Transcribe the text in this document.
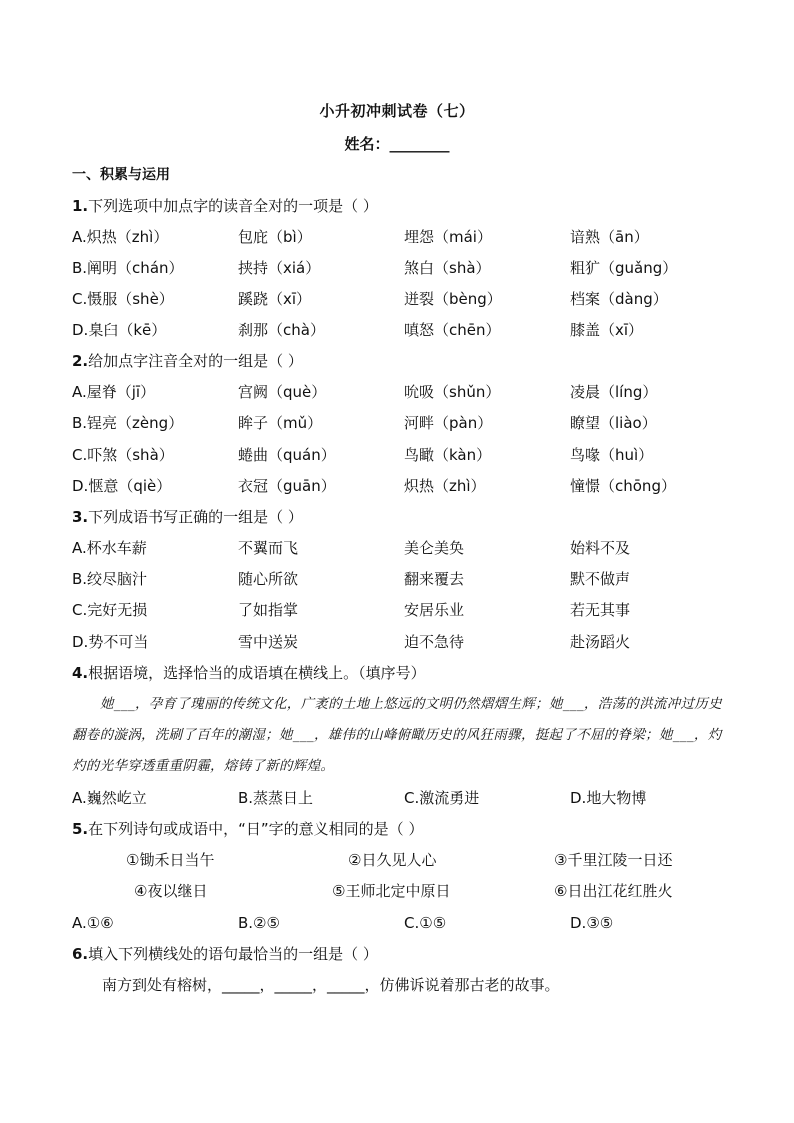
小升初冲刺试卷（七）
姓名：________
一、积累与运用
1.下列选项中加点字的读音全对的一项是（ ）
A.炽热（zhì）	包庇（bì）	埋怨（mái）	谙熟（ān）
B.阐明（chán）	挟持（xiá）	煞白（shà）	粗犷（guǎng）
C.慑服（shè）	蹊跷（xī）	迸裂（bèng）	档案（dàng）
D.臬臼（kē）	刹那（chà）	嗔怒（chēn）	膝盖（xī）
2.给加点字注音全对的一组是（ ）
A.屋脊（jī）	宫阙（què）	吮吸（shǔn）	凌晨（líng）
B.锃亮（zèng）	眸子（mǔ）	河畔（pàn）	瞭望（liào）
C.吓煞（shà）	蜷曲（quán）	鸟瞰（kàn）	鸟喙（huì）
D.惬意（qiè）	衣冠（guān）	炽热（zhì）	憧憬（chōng）
3.下列成语书写正确的一组是（ ）
A.杯水车薪	不翼而飞	美仑美奂	始料不及
B.绞尽脑汁	随心所欲	翻来覆去	默不做声
C.完好无损	了如指掌	安居乐业	若无其事
D.势不可当	雪中送炭	迫不急待	赴汤蹈火
4.根据语境，选择恰当的成语填在横线上。（填序号）
她___，孕育了瑰丽的传统文化，广袤的土地上悠远的文明仍然熠熠生辉；她___，浩荡的洪流冲过历史翻卷的漩涡，洗刷了百年的潮湿；她___，雄伟的山峰俯瞰历史的风狂雨骤，挺起了不屈的脊梁；她___，灼灼的光华穿透重重阴霾，熔铸了新的辉煌。
A.巍然屹立	B.蒸蒸日上	C.激流勇进	D.地大物博
5.在下列诗句或成语中，“日”字的意义相同的是（ ）
①锄禾日当午	②日久见人心	③千里江陵一日还
④夜以继日	⑤王师北定中原日	⑥日出江花红胜火
A.①⑥	B.②⑤	C.①⑤	D.③⑤
6.填入下列横线处的语句最恰当的一组是（ ）
南方到处有榕树，_____，_____，_____，仿佛诉说着那古老的故事。
